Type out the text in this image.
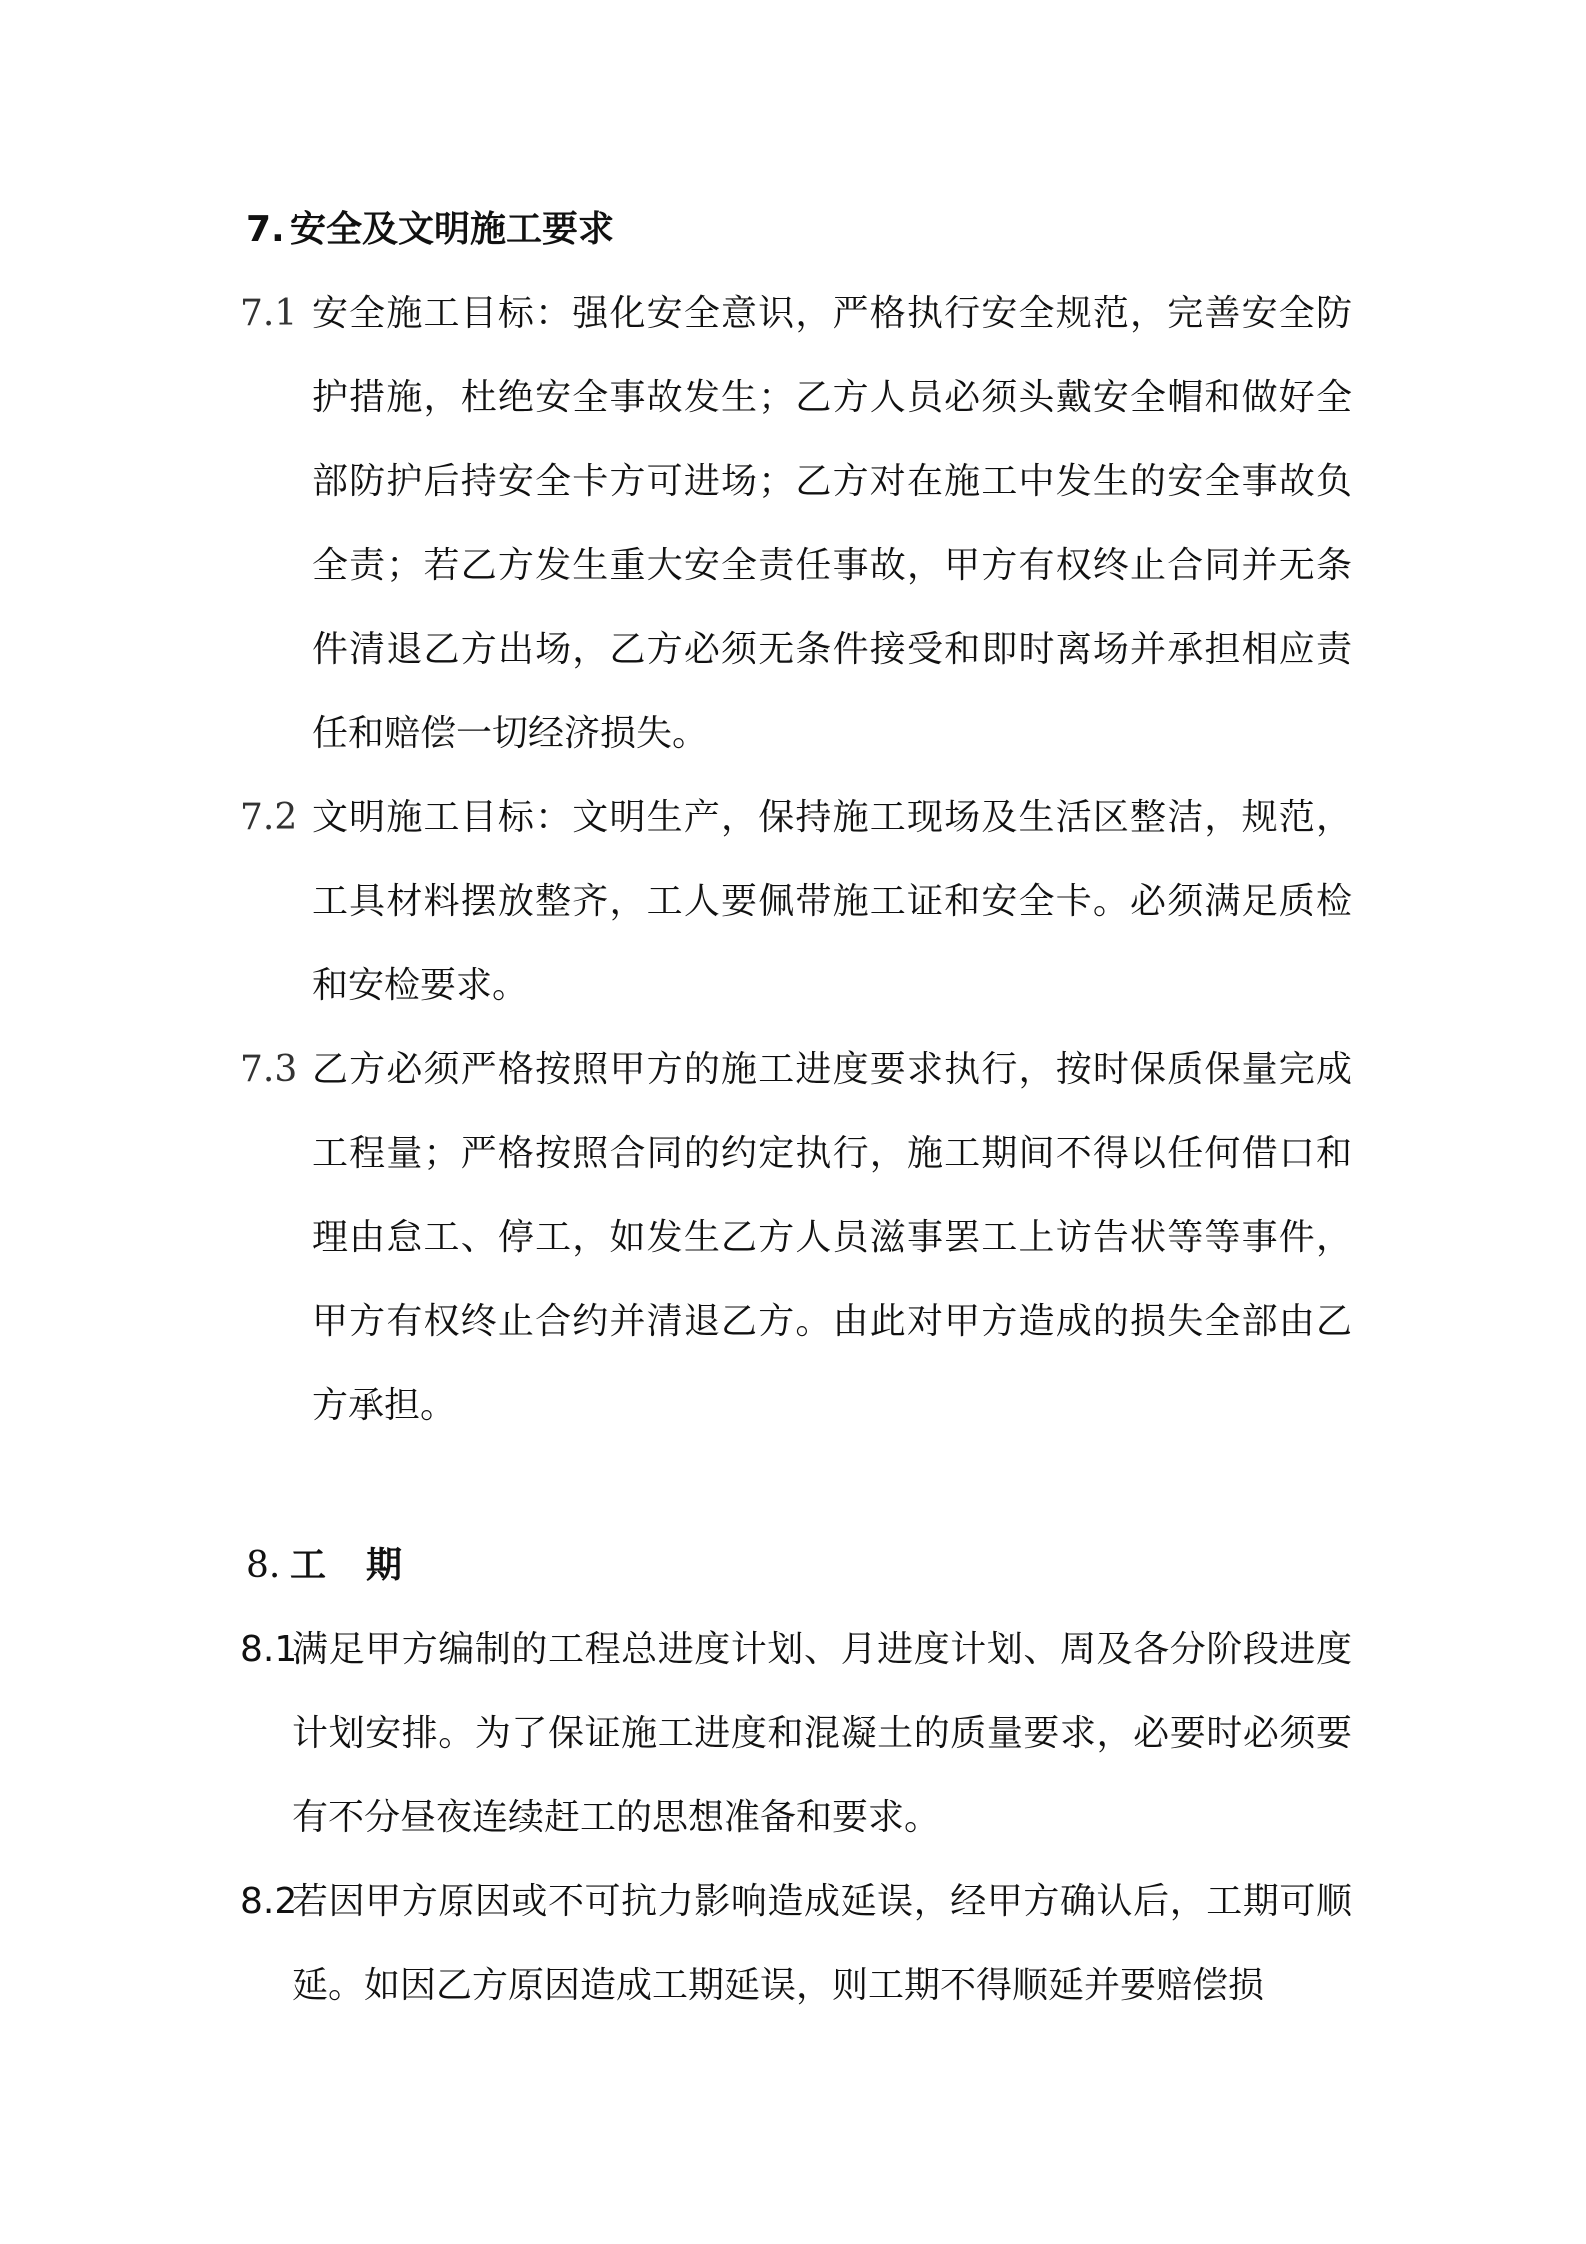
7. 安全及文明施工要求
7.1 安全施工目标：强化安全意识，严格执行安全规范，完善安全防护措施，杜绝安全事故发生；乙方人员必须头戴安全帽和做好全部防护后持安全卡方可进场；乙方对在施工中发生的安全事故负全责；若乙方发生重大安全责任事故，甲方有权终止合同并无条件清退乙方出场，乙方必须无条件接受和即时离场并承担相应责任和赔偿一切经济损失。
7.2 文明施工目标：文明生产，保持施工现场及生活区整洁，规范，工具材料摆放整齐，工人要佩带施工证和安全卡。必须满足质检和安检要求。
7.3 乙方必须严格按照甲方的施工进度要求执行，按时保质保量完成工程量；严格按照合同的约定执行，施工期间不得以任何借口和理由怠工、停工，如发生乙方人员滋事罢工上访告状等等事件，甲方有权终止合约并清退乙方。由此对甲方造成的损失全部由乙方承担。
8. 工期
8.1
满足甲方编制的工程总进度计划、月进度计划、周及各分阶段进度计划安排。为了保证施工进度和混凝土的质量要求，必要时必须要有不分昼夜连续赶工的思想准备和要求。
8.2
若因甲方原因或不可抗力影响造成延误，经甲方确认后，工期可顺延。如因乙方原因造成工期延误，则工期不得顺延并要赔偿损
